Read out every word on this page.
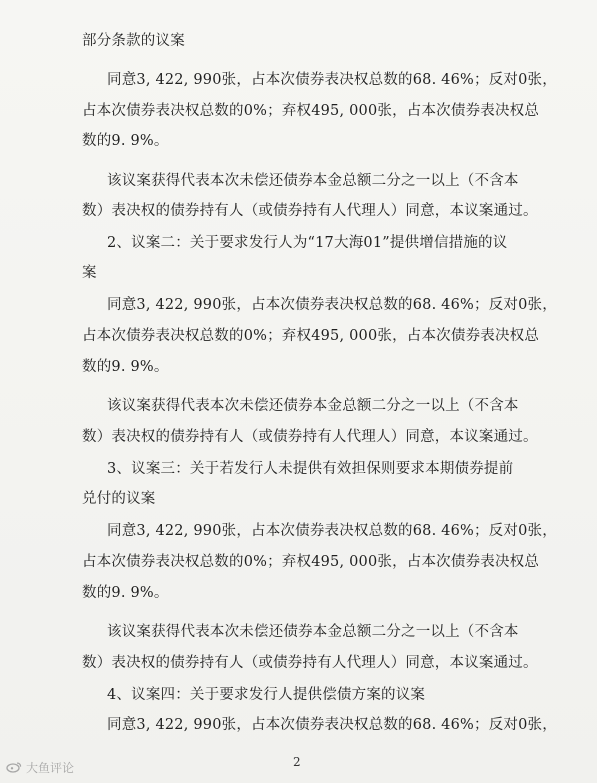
部分条款的议案
同意3, 422, 990张，占本次债券表决权总数的68. 46%；反对0张，
占本次债券表决权总数的0%；弃权495, 000张，占本次债券表决权总
数的9. 9%。
该议案获得代表本次未偿还债券本金总额二分之一以上（不含本
数）表决权的债券持有人（或债券持有人代理人）同意，本议案通过。
2、议案二：关于要求发行人为“17大海01”提供增信措施的议
案
同意3, 422, 990张，占本次债券表决权总数的68. 46%；反对0张，
占本次债券表决权总数的0%；弃权495, 000张，占本次债券表决权总
数的9. 9%。
该议案获得代表本次未偿还债券本金总额二分之一以上（不含本
数）表决权的债券持有人（或债券持有人代理人）同意，本议案通过。
3、议案三：关于若发行人未提供有效担保则要求本期债券提前
兑付的议案
同意3, 422, 990张，占本次债券表决权总数的68. 46%；反对0张，
占本次债券表决权总数的0%；弃权495, 000张，占本次债券表决权总
数的9. 9%。
该议案获得代表本次未偿还债券本金总额二分之一以上（不含本
数）表决权的债券持有人（或债券持有人代理人）同意，本议案通过。
4、议案四：关于要求发行人提供偿债方案的议案
同意3, 422, 990张，占本次债券表决权总数的68. 46%；反对0张，
2
大鱼评论
